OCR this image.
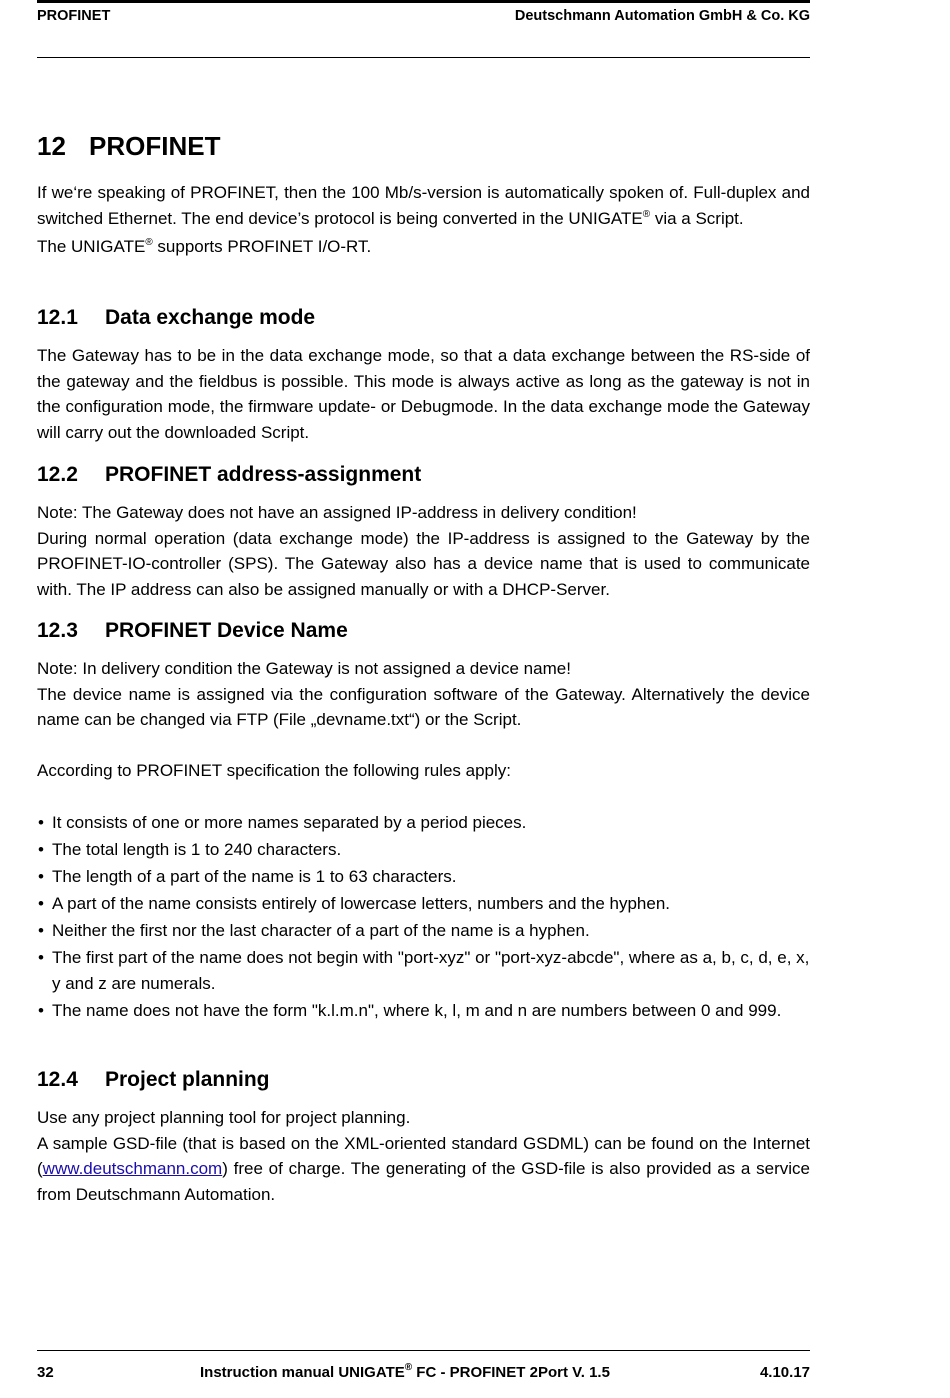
PROFINET	Deutschmann Automation GmbH & Co. KG
12 PROFINET

If we‘re speaking of PROFINET, then the 100 Mb/s-version is automatically spoken of. Full-duplex and switched Ethernet. The end device’s protocol is being converted in the UNIGATE® via a Script.

The UNIGATE® supports PROFINET I/O-RT.

12.1 Data exchange mode

The Gateway has to be in the data exchange mode, so that a data exchange between the RS-side of the gateway and the fieldbus is possible. This mode is always active as long as the gateway is not in the configuration mode, the firmware update- or Debugmode. In the data exchange mode the Gateway will carry out the downloaded Script.

12.2 PROFINET address-assignment

Note: The Gateway does not have an assigned IP-address in delivery condition!

During normal operation (data exchange mode) the IP-address is assigned to the Gateway by the PROFINET-IO-controller (SPS). The Gateway also has a device name that is used to communicate with. The IP address can also be assigned manually or with a DHCP-Server.

12.3 PROFINET Device Name

Note: In delivery condition the Gateway is not assigned a device name!

The device name is assigned via the configuration software of the Gateway. Alternatively the device name can be changed via FTP (File „devname.txt“) or the Script.

According to PROFINET specification the following rules apply:

• It consists of one or more names separated by a period pieces.
• The total length is 1 to 240 characters.
• The length of a part of the name is 1 to 63 characters.
• A part of the name consists entirely of lowercase letters, numbers and the hyphen.
• Neither the first nor the last character of a part of the name is a hyphen.
• The first part of the name does not begin with "port-xyz" or "port-xyz-abcde", where as a, b, c, d, e, x, y and z are numerals.
• The name does not have the form "k.l.m.n", where k, l, m and n are numbers between 0 and 999.
12.4 Project planning

Use any project planning tool for project planning.

A sample GSD-file (that is based on the XML-oriented standard GSDML) can be found on the Internet (www.deutschmann.com) free of charge. The generating of the GSD-file is also provided as a service from Deutschmann Automation.

32	Instruction manual UNIGATE® FC - PROFINET 2Port V. 1.5	4.10.17
